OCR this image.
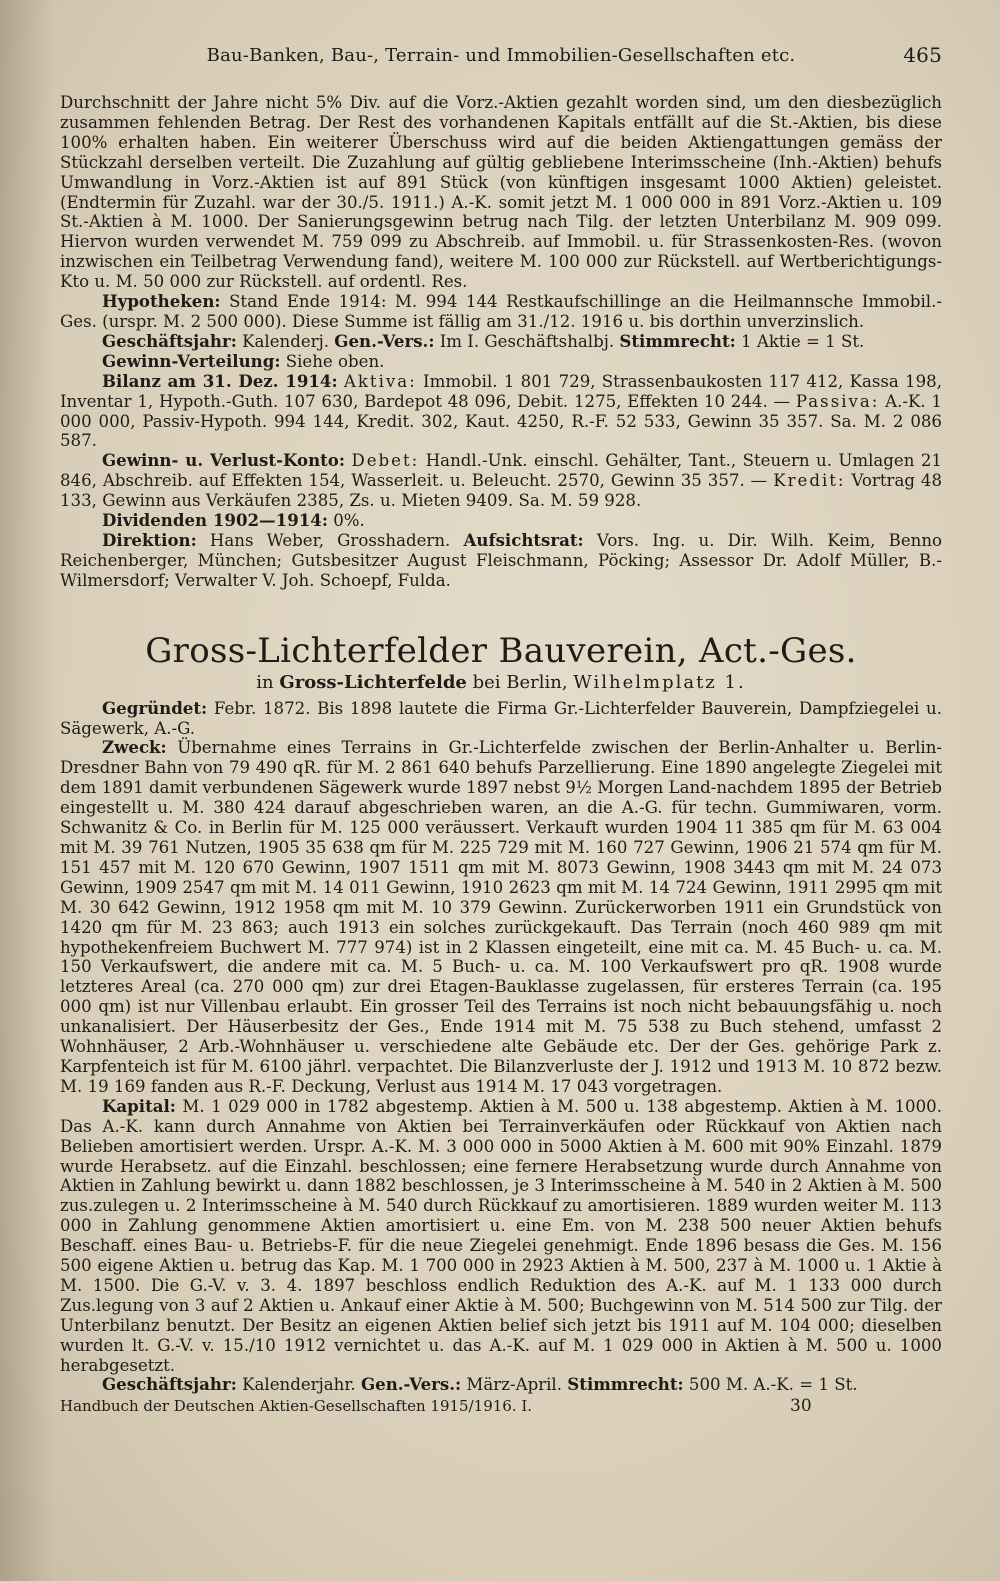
Bau-Banken, Bau-, Terrain- und Immobilien-Gesellschaften etc.	465

Durchschnitt der Jahre nicht 5% Div. auf die Vorz.-Aktien gezahlt worden sind, um den diesbezüglich zusammen fehlenden Betrag. Der Rest des vorhandenen Kapitals entfällt auf die St.-Aktien, bis diese 100% erhalten haben. Ein weiterer Überschuss wird auf die beiden Aktiengattungen gemäss der Stückzahl derselben verteilt. Die Zuzahlung auf gültig gebliebene Interimsscheine (Inh.-Aktien) behufs Umwandlung in Vorz.-Aktien ist auf 891 Stück (von künftigen insgesamt 1000 Aktien) geleistet. (Endtermin für Zuzahl. war der 30./5. 1911.) A.-K. somit jetzt M. 1 000 000 in 891 Vorz.-Aktien u. 109 St.-Aktien à M. 1000. Der Sanierungsgewinn betrug nach Tilg. der letzten Unterbilanz M. 909 099. Hiervon wurden verwendet M. 759 099 zu Abschreib. auf Immobil. u. für Strassenkosten-Res. (wovon inzwischen ein Teilbetrag Verwendung fand), weitere M. 100 000 zur Rückstell. auf Wertberichtigungs-Kto u. M. 50 000 zur Rückstell. auf ordentl. Res.

Hypotheken: Stand Ende 1914: M. 994 144 Restkaufschillinge an die Heilmannsche Immobil.-Ges. (urspr. M. 2 500 000). Diese Summe ist fällig am 31./12. 1916 u. bis dorthin unverzinslich.

Geschäftsjahr: Kalenderj. Gen.-Vers.: Im I. Geschäftshalbj. Stimmrecht: 1 Aktie = 1 St.

Gewinn-Verteilung: Siehe oben.

Bilanz am 31. Dez. 1914: Aktiva: Immobil. 1 801 729, Strassenbaukosten 117 412, Kassa 198, Inventar 1, Hypoth.-Guth. 107 630, Bardepot 48 096, Debit. 1275, Effekten 10 244. — Passiva: A.-K. 1 000 000, Passiv-Hypoth. 994 144, Kredit. 302, Kaut. 4250, R.-F. 52 533, Gewinn 35 357. Sa. M. 2 086 587.

Gewinn- u. Verlust-Konto: Debet: Handl.-Unk. einschl. Gehälter, Tant., Steuern u. Umlagen 21 846, Abschreib. auf Effekten 154, Wasserleit. u. Beleucht. 2570, Gewinn 35 357. — Kredit: Vortrag 48 133, Gewinn aus Verkäufen 2385, Zs. u. Mieten 9409. Sa. M. 59 928.

Dividenden 1902—1914: 0%.

Direktion: Hans Weber, Grosshadern. Aufsichtsrat: Vors. Ing. u. Dir. Wilh. Keim, Benno Reichenberger, München; Gutsbesitzer August Fleischmann, Pöcking; Assessor Dr. Adolf Müller, B.-Wilmersdorf; Verwalter V. Joh. Schoepf, Fulda.

Gross-Lichterfelder Bauverein, Act.-Ges.
in Gross-Lichterfelde bei Berlin, Wilhelmplatz 1.

Gegründet: Febr. 1872. Bis 1898 lautete die Firma Gr.-Lichterfelder Bauverein, Dampfziegelei u. Sägewerk, A.-G.

Zweck: Übernahme eines Terrains in Gr.-Lichterfelde zwischen der Berlin-Anhalter u. Berlin-Dresdner Bahn von 79 490 qR. für M. 2 861 640 behufs Parzellierung. Eine 1890 angelegte Ziegelei mit dem 1891 damit verbundenen Sägewerk wurde 1897 nebst 9½ Morgen Land-nachdem 1895 der Betrieb eingestellt u. M. 380 424 darauf abgeschrieben waren, an die A.-G. für techn. Gummiwaren, vorm. Schwanitz & Co. in Berlin für M. 125 000 veräussert. Verkauft wurden 1904 11 385 qm für M. 63 004 mit M. 39 761 Nutzen, 1905 35 638 qm für M. 225 729 mit M. 160 727 Gewinn, 1906 21 574 qm für M. 151 457 mit M. 120 670 Gewinn, 1907 1511 qm mit M. 8073 Gewinn, 1908 3443 qm mit M. 24 073 Gewinn, 1909 2547 qm mit M. 14 011 Gewinn, 1910 2623 qm mit M. 14 724 Gewinn, 1911 2995 qm mit M. 30 642 Gewinn, 1912 1958 qm mit M. 10 379 Gewinn. Zurückerworben 1911 ein Grundstück von 1420 qm für M. 23 863; auch 1913 ein solches zurückgekauft. Das Terrain (noch 460 989 qm mit hypothekenfreiem Buchwert M. 777 974) ist in 2 Klassen eingeteilt, eine mit ca. M. 45 Buch- u. ca. M. 150 Verkaufswert, die andere mit ca. M. 5 Buch- u. ca. M. 100 Verkaufswert pro qR. 1908 wurde letzteres Areal (ca. 270 000 qm) zur drei Etagen-Bauklasse zugelassen, für ersteres Terrain (ca. 195 000 qm) ist nur Villenbau erlaubt. Ein grosser Teil des Terrains ist noch nicht bebauungsfähig u. noch unkanalisiert. Der Häuserbesitz der Ges., Ende 1914 mit M. 75 538 zu Buch stehend, umfasst 2 Wohnhäuser, 2 Arb.-Wohnhäuser u. verschiedene alte Gebäude etc. Der der Ges. gehörige Park z. Karpfenteich ist für M. 6100 jährl. verpachtet. Die Bilanzverluste der J. 1912 und 1913 M. 10 872 bezw. M. 19 169 fanden aus R.-F. Deckung, Verlust aus 1914 M. 17 043 vorgetragen.

Kapital: M. 1 029 000 in 1782 abgestemp. Aktien à M. 500 u. 138 abgestemp. Aktien à M. 1000. Das A.-K. kann durch Annahme von Aktien bei Terrainverkäufen oder Rückkauf von Aktien nach Belieben amortisiert werden. Urspr. A.-K. M. 3 000 000 in 5000 Aktien à M. 600 mit 90% Einzahl. 1879 wurde Herabsetz. auf die Einzahl. beschlossen; eine fernere Herabsetzung wurde durch Annahme von Aktien in Zahlung bewirkt u. dann 1882 beschlossen, je 3 Interimsscheine à M. 540 in 2 Aktien à M. 500 zus.zulegen u. 2 Interimsscheine à M. 540 durch Rückkauf zu amortisieren. 1889 wurden weiter M. 113 000 in Zahlung genommene Aktien amortisiert u. eine Em. von M. 238 500 neuer Aktien behufs Beschaff. eines Bau- u. Betriebs-F. für die neue Ziegelei genehmigt. Ende 1896 besass die Ges. M. 156 500 eigene Aktien u. betrug das Kap. M. 1 700 000 in 2923 Aktien à M. 500, 237 à M. 1000 u. 1 Aktie à M. 1500. Die G.-V. v. 3. 4. 1897 beschloss endlich Reduktion des A.-K. auf M. 1 133 000 durch Zus.legung von 3 auf 2 Aktien u. Ankauf einer Aktie à M. 500; Buchgewinn von M. 514 500 zur Tilg. der Unterbilanz benutzt. Der Besitz an eigenen Aktien belief sich jetzt bis 1911 auf M. 104 000; dieselben wurden lt. G.-V. v. 15./10 1912 vernichtet u. das A.-K. auf M. 1 029 000 in Aktien à M. 500 u. 1000 herabgesetzt.

Geschäftsjahr: Kalenderjahr. Gen.-Vers.: März-April. Stimmrecht: 500 M. A.-K. = 1 St.

Handbuch der Deutschen Aktien-Gesellschaften 1915/1916. I.	30
